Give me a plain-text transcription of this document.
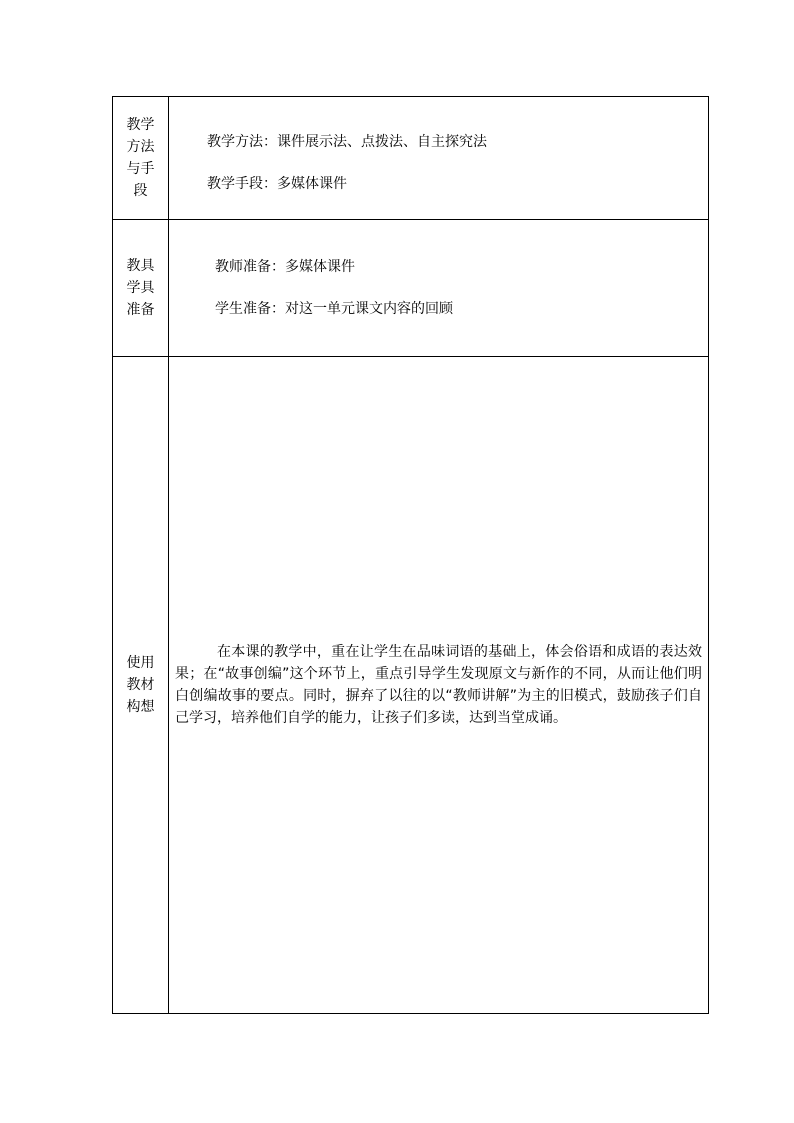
教学
方法
与手
段	教学方法：课件展示法、点拨法、自主探究法
教学手段：多媒体课件

教具
学具
准备	教师准备：多媒体课件
学生准备：对这一单元课文内容的回顾

使用
教材
构想	在本课的教学中，重在让学生在品味词语的基础上，体会俗语和成语的表达效果；在“故事创编”这个环节上，重点引导学生发现原文与新作的不同，从而让他们明白创编故事的要点。同时，摒弃了以往的以“教师讲解”为主的旧模式，鼓励孩子们自己学习，培养他们自学的能力，让孩子们多读，达到当堂成诵。
